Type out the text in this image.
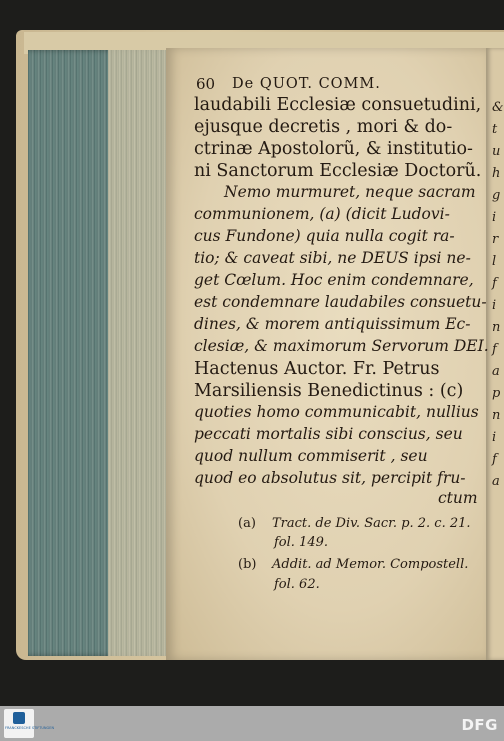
&
t
u
h
g
i
r
l
f
i
n
f
a
p
n
i
f
a
60 De QUOT. COMM.
laudabili Ecclesiæ consuetudini,
ejusque decretis , mori & do-
ctrinæ Apostolorũ, & institutio-
ni Sanctorum Ecclesiæ Doctorũ.
Nemo murmuret, neque sacram
communionem, (a) (dicit Ludovi-
cus Fundone) quia nulla cogit ra-
tio; & caveat sibi, ne DEUS ipsi ne-
get Cœlum. Hoc enim condemnare,
est condemnare laudabiles consuetu-
dines, & morem antiquissimum Ec-
clesiæ, & maximorum Servorum DEI.
Hactenus Auctor. Fr. Petrus
Marsiliensis Benedictinus : (c)
quoties homo communicabit, nullius
peccati mortalis sibi conscius, seu
quod nullum commiserit , seu
quod eo absolutus sit, percipit fru-
ctum
(a) Tract. de Div. Sacr. p. 2. c. 21.
fol. 149.
(b) Addit. ad Memor. Compostell.
fol. 62.
FRANCKESCHE STIFTUNGEN	DFG
